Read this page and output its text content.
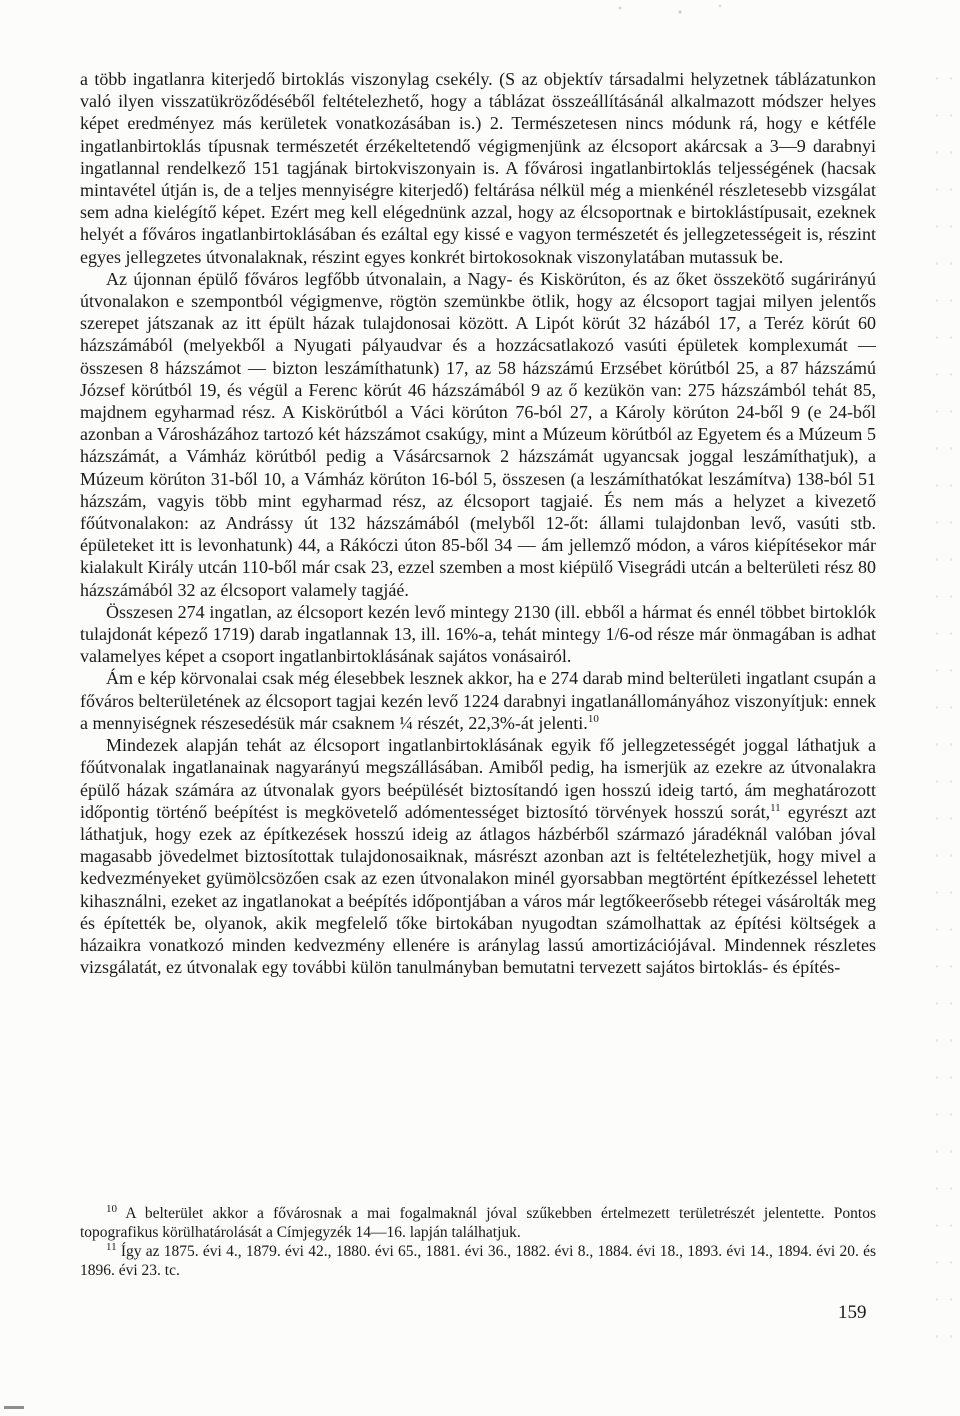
a több ingatlanra kiterjedő birtoklás viszonylag csekély. (S az objektív társadalmi helyzetnek táblázatunkon való ilyen visszatükröződéséből feltételezhető, hogy a táblázat összeállításánál alkalmazott módszer helyes képet eredményez más kerületek vonatkozásában is.) 2. Természetesen nincs módunk rá, hogy e kétféle ingatlanbirtoklás típusnak természetét érzékeltetendő végigmenjünk az élcsoport akárcsak a 3—9 darabnyi ingatlannal rendelkező 151 tagjának birtokviszonyain is. A fővárosi ingatlanbirtoklás teljességének (hacsak mintavétel útján is, de a teljes mennyiségre kiterjedő) feltárása nélkül még a mienkénél részletesebb vizsgálat sem adna kielégítő képet. Ezért meg kell elégednünk azzal, hogy az élcsoportnak e birtoklástípusait, ezeknek helyét a főváros ingatlanbirtoklásában és ezáltal egy kissé e vagyon természetét és jellegzetességeit is, részint egyes jellegzetes útvonalaknak, részint egyes konkrét birtokosoknak viszonylatában mutassuk be.

Az újonnan épülő főváros legfőbb útvonalain, a Nagy- és Kiskörúton, és az őket összekötő sugárirányú útvonalakon e szempontból végigmenve, rögtön szemünkbe ötlik, hogy az élcsoport tagjai milyen jelentős szerepet játszanak az itt épült házak tulajdonosai között. A Lipót körút 32 házából 17, a Teréz körút 60 házszámából (melyekből a Nyugati pályaudvar és a hozzácsatlakozó vasúti épületek komplexumát — összesen 8 házszámot — bizton leszámíthatunk) 17, az 58 házszámú Erzsébet körútból 25, a 87 házszámú József körútból 19, és végül a Ferenc körút 46 házszámából 9 az ő kezükön van: 275 házszámból tehát 85, majdnem egyharmad rész. A Kiskörútból a Váci körúton 76-ból 27, a Károly körúton 24-ből 9 (e 24-ből azonban a Városházához tartozó két házszámot csakúgy, mint a Múzeum körútból az Egyetem és a Múzeum 5 házszámát, a Vámház körútból pedig a Vásárcsarnok 2 házszámát ugyancsak joggal leszámíthatjuk), a Múzeum körúton 31-ből 10, a Vámház körúton 16-ból 5, összesen (a leszámíthatókat leszámítva) 138-ból 51 házszám, vagyis több mint egyharmad rész, az élcsoport tagjaié. És nem más a helyzet a kivezető főútvonalakon: az Andrássy út 132 házszámából (melyből 12-őt: állami tulajdonban levő, vasúti stb. épületeket itt is levonhatunk) 44, a Rákóczi úton 85-ből 34 — ám jellemző módon, a város kiépítésekor már kialakult Király utcán 110-ből már csak 23, ezzel szemben a most kiépülő Visegrádi utcán a belterületi rész 80 házszámából 32 az élcsoport valamely tagjáé.

Összesen 274 ingatlan, az élcsoport kezén levő mintegy 2130 (ill. ebből a hármat és ennél többet birtoklók tulajdonát képező 1719) darab ingatlannak 13, ill. 16%-a, tehát mintegy 1/6-od része már önmagában is adhat valamelyes képet a csoport ingatlanbirtoklásának sajátos vonásairól.

Ám e kép körvonalai csak még élesebbek lesznek akkor, ha e 274 darab mind belterületi ingatlant csupán a főváros belterületének az élcsoport tagjai kezén levő 1224 darabnyi ingatlanállományához viszonyítjuk: ennek a mennyiségnek részesedésük már csaknem ¼ részét, 22,3%-át jelenti.$^{10}$

Mindezek alapján tehát az élcsoport ingatlanbirtoklásának egyik fő jellegzetességét joggal láthatjuk a főútvonalak ingatlanainak nagyarányú megszállásában. Amiből pedig, ha ismerjük az ezekre az útvonalakra épülő házak számára az útvonalak gyors beépülését biztosítandó igen hosszú ideig tartó, ám meghatározott időpontig történő beépítést is megkövetelő adómentességet biztosító törvények hosszú sorát,$^{11}$ egyrészt azt láthatjuk, hogy ezek az építkezések hosszú ideig az átlagos házbérből származó járadéknál valóban jóval magasabb jövedelmet biztosítottak tulajdonosaiknak, másrészt azonban azt is feltételezhetjük, hogy mivel a kedvezményeket gyümölcsözően csak az ezen útvonalakon minél gyorsabban megtörtént építkezéssel lehetett kihasználni, ezeket az ingatlanokat a beépítés időpontjában a város már legtőkeerősebb rétegei vásárolták meg és építették be, olyanok, akik megfelelő tőke birtokában nyugodtan számolhattak az építési költségek a házaikra vonatkozó minden kedvezmény ellenére is aránylag lassú amortizációjával. Mindennek részletes vizsgálatát, ez útvonalak egy további külön tanulmányban bemutatni tervezett sajátos birtoklás- és építés-

$^{10}$ A belterület akkor a fővárosnak a mai fogalmaknál jóval szűkebben értelmezett területrészét jelentette. Pontos topografikus körülhatárolását a Címjegyzék 14—16. lapján találhatjuk.

$^{11}$ Így az 1875. évi 4., 1879. évi 42., 1880. évi 65., 1881. évi 36., 1882. évi 8., 1884. évi 18., 1893. évi 14., 1894. évi 20. és 1896. évi 23. tc.

159
